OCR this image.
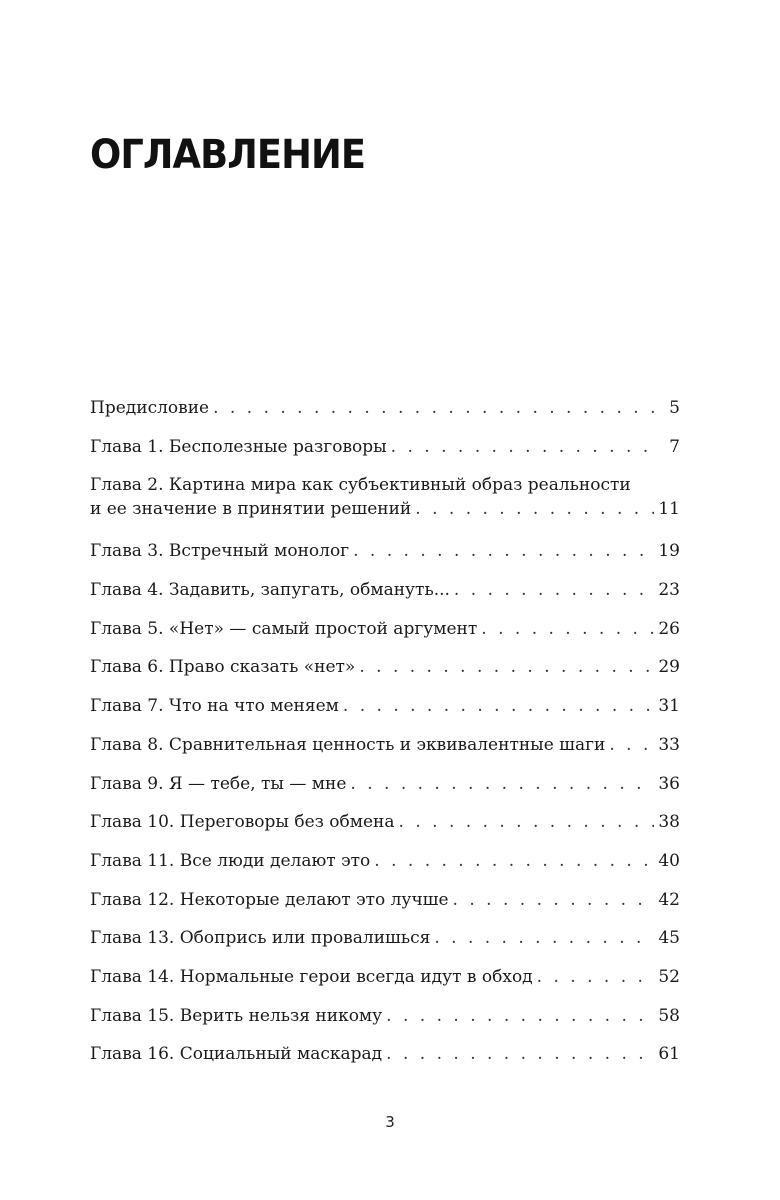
ОГЛАВЛЕНИЕ
Предисловие . . .	5
Глава 1. Бесполезные разговоры . . .	7
Глава 2. Картина мира как субъективный образ реальности
и ее значение в принятии решений . . .	11
Глава 3. Встречный монолог . . .	19
Глава 4. Задавить, запугать, обмануть... . . .	23
Глава 5. «Нет» — самый простой аргумент . . .	26
Глава 6. Право сказать «нет» . . .	29
Глава 7. Что на что меняем . . .	31
Глава 8. Сравнительная ценность и эквивалентные шаги . . .	33
Глава 9. Я — тебе, ты — мне . . .	36
Глава 10. Переговоры без обмена . . .	38
Глава 11. Все люди делают это . . .	40
Глава 12. Некоторые делают это лучше . . .	42
Глава 13. Обопрись или провалишься . . .	45
Глава 14. Нормальные герои всегда идут в обход . . .	52
Глава 15. Верить нельзя никому . . .	58
Глава 16. Социальный маскарад . . .	61
3
